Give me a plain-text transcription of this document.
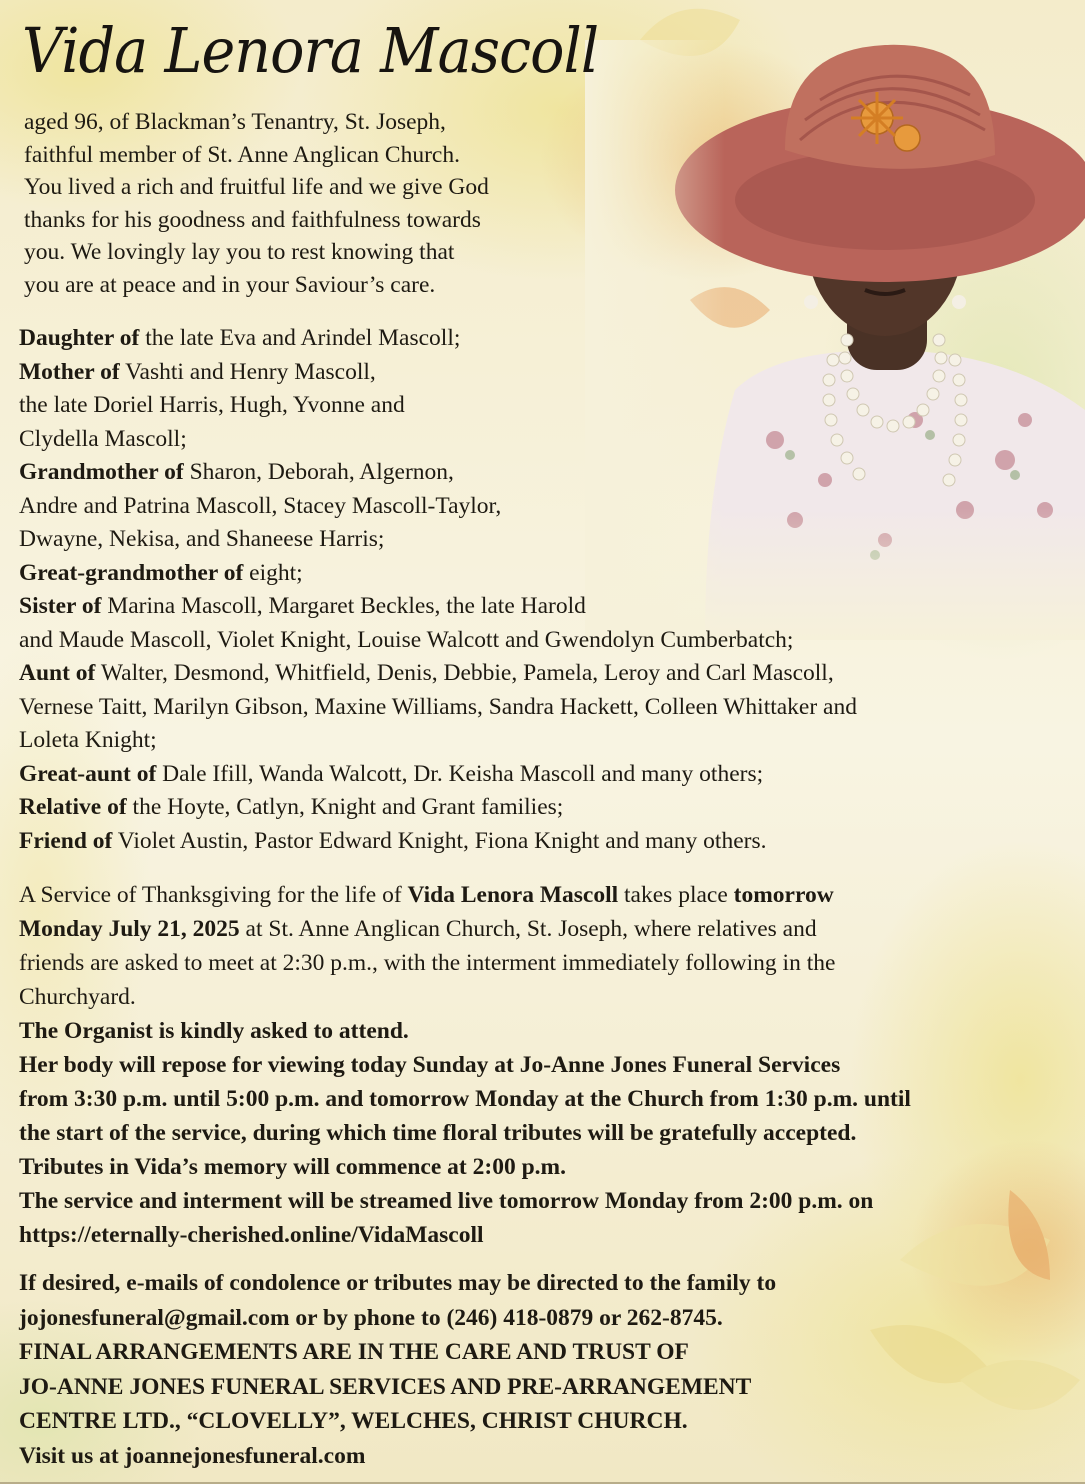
Vida Lenora Mascoll

aged 96, of Blackman’s Tenantry, St. Joseph,

faithful member of St. Anne Anglican Church.

You lived a rich and fruitful life and we give God

thanks for his goodness and faithfulness towards

you. We lovingly lay you to rest knowing that

you are at peace and in your Saviour’s care.

Daughter of the late Eva and Arindel Mascoll;
Mother of Vashti and Henry Mascoll,
the late Doriel Harris, Hugh, Yvonne and
Clydella Mascoll;
Grandmother of Sharon, Deborah, Algernon,
Andre and Patrina Mascoll, Stacey Mascoll-Taylor,
Dwayne, Nekisa, and Shaneese Harris;
Great-grandmother of eight;
Sister of Marina Mascoll, Margaret Beckles, the late Harold
and Maude Mascoll, Violet Knight, Louise Walcott and Gwendolyn Cumberbatch;
Aunt of Walter, Desmond, Whitfield, Denis, Debbie, Pamela, Leroy and Carl Mascoll,
Vernese Taitt, Marilyn Gibson, Maxine Williams, Sandra Hackett, Colleen Whittaker and
Loleta Knight;
Great-aunt of Dale Ifill, Wanda Walcott, Dr. Keisha Mascoll and many others;
Relative of the Hoyte, Catlyn, Knight and Grant families;
Friend of Violet Austin, Pastor Edward Knight, Fiona Knight and many others.
A Service of Thanksgiving for the life of Vida Lenora Mascoll takes place tomorrow
Monday July 21, 2025 at St. Anne Anglican Church, St. Joseph, where relatives and
friends are asked to meet at 2:30 p.m., with the interment immediately following in the
Churchyard.
The Organist is kindly asked to attend.
Her body will repose for viewing today Sunday at Jo-Anne Jones Funeral Services
from 3:30 p.m. until 5:00 p.m. and tomorrow Monday at the Church from 1:30 p.m. until
the start of the service, during which time floral tributes will be gratefully accepted.
Tributes in Vida’s memory will commence at 2:00 p.m.
The service and interment will be streamed live tomorrow Monday from 2:00 p.m. on
https://eternally-cherished.online/VidaMascoll
If desired, e-mails of condolence or tributes may be directed to the family to
jojonesfuneral@gmail.com or by phone to (246) 418-0879 or 262-8745.
FINAL ARRANGEMENTS ARE IN THE CARE AND TRUST OF
JO-ANNE JONES FUNERAL SERVICES AND PRE-ARRANGEMENT
CENTRE LTD., “CLOVELLY”, WELCHES, CHRIST CHURCH.
Visit us at joannejonesfuneral.com
